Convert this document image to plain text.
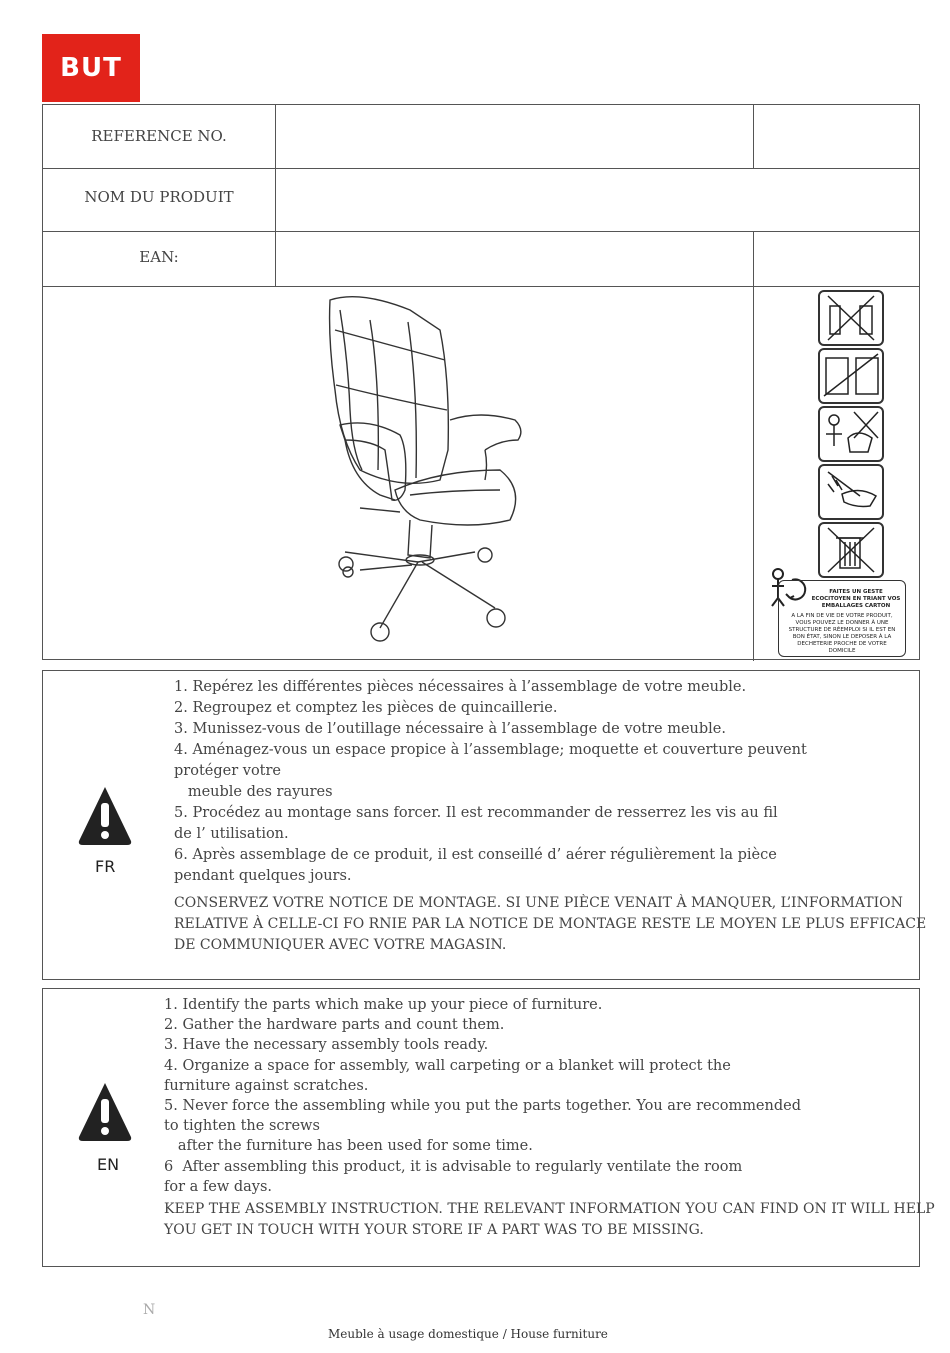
BUT
REFERENCE NO.
NOM DU PRODUIT
EAN:
FAITES UN GESTE ECOCITOYEN EN TRIANT VOS EMBALLAGES CARTON
A LA FIN DE VIE DE VOTRE PRODUIT, VOUS POUVEZ LE DONNER À UNE STRUCTURE DE RÉEMPLOI SI IL EST EN BON ÉTAT, SINON LE DEPOSER À LA DECHETERIE PROCHE DE VOTRE DOMICILE
FR
1. Repérez les différentes pièces nécessaires à l’assemblage de votre meuble.
2. Regroupez et comptez les pièces de quincaillerie.
3. Munissez-vous de l’outillage nécessaire à l’assemblage de votre meuble.
4. Aménagez-vous un espace propice à l’assemblage; moquette et couverture peuvent
protéger votre
meuble des rayures
5. Procédez au montage sans forcer. Il est recommander de resserrez les vis au fil
de l’ utilisation.
6. Après assemblage de ce produit, il est conseillé d’ aérer régulièrement la pièce
pendant quelques jours.
CONSERVEZ VOTRE NOTICE DE MONTAGE. SI UNE PIÈCE VENAIT À MANQUER, L’INFORMATION
RELATIVE À CELLE-CI FO RNIE PAR LA NOTICE DE MONTAGE RESTE LE MOYEN LE PLUS EFFICACE
DE COMMUNIQUER AVEC VOTRE MAGASIN.
EN
1. Identify the parts which make up your piece of furniture.
2. Gather the hardware parts and count them.
3. Have the necessary assembly tools ready.
4. Organize a space for assembly, wall carpeting or a blanket will protect the
furniture against scratches.
5. Never force the assembling while you put the parts together. You are recommended
to tighten the screws
after the furniture has been used for some time.
6  After assembling this product, it is advisable to regularly ventilate the room
for a few days.
KEEP THE ASSEMBLY INSTRUCTION. THE RELEVANT INFORMATION YOU CAN FIND ON IT WILL HELP
YOU GET IN TOUCH WITH YOUR STORE IF A PART WAS TO BE MISSING.
N
Meuble à usage domestique / House furniture
